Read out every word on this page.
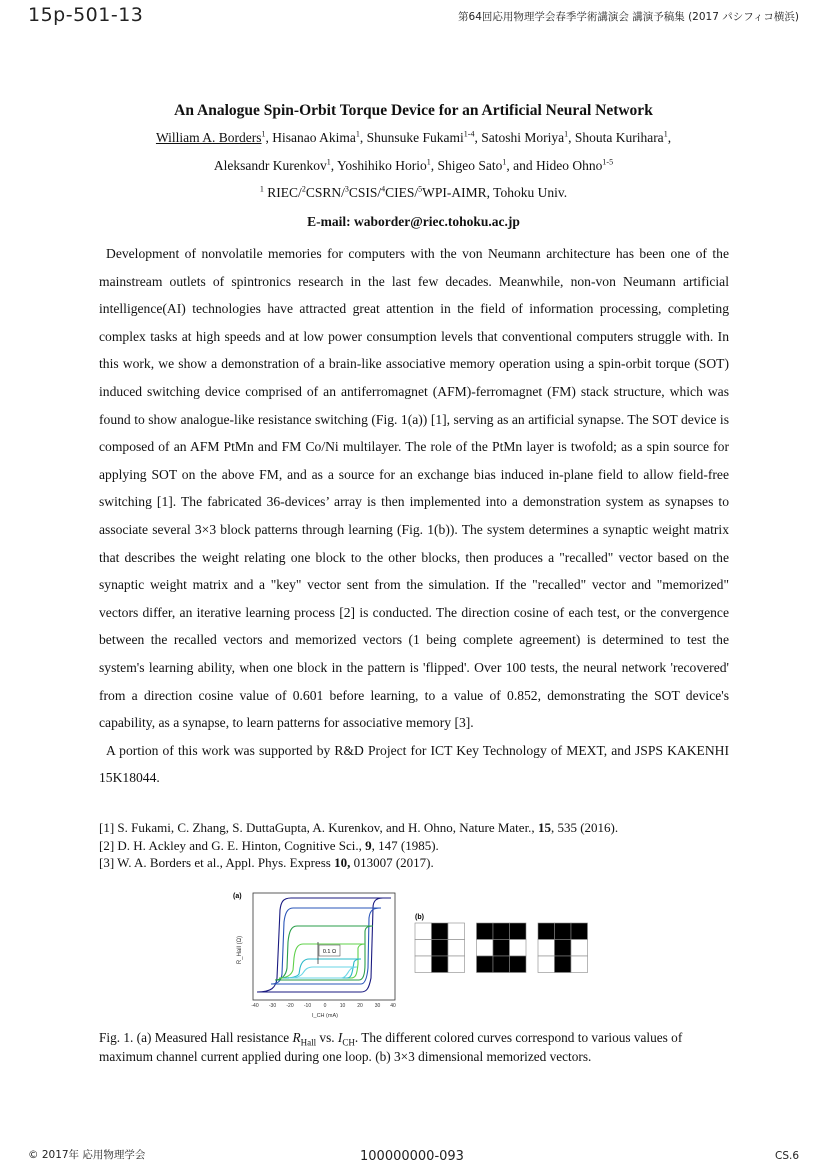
15p-501-13	第64回応用物理学会春季学術講演会 講演予稿集 (2017 パシフィコ横浜)
An Analogue Spin-Orbit Torque Device for an Artificial Neural Network
William A. Borders$^1$, Hisanao Akima$^1$, Shunsuke Fukami$^{1-4}$, Satoshi Moriya$^1$, Shouta Kurihara$^1$,
Aleksandr Kurenkov$^1$, Yoshihiko Horio$^1$, Shigeo Sato$^1$, and Hideo Ohno$^{1-5}$
$^1$ RIEC/$^2$CSRN/$^3$CSIS/$^4$CIES/$^5$WPI-AIMR, Tohoku Univ.
E-mail: waborder@riec.tohoku.ac.jp

Development of nonvolatile memories for computers with the von Neumann architecture has been one of the mainstream outlets of spintronics research in the last few decades. Meanwhile, non-von Neumann artificial intelligence(AI) technologies have attracted great attention in the field of information processing, completing complex tasks at high speeds and at low power consumption levels that conventional computers struggle with. In this work, we show a demonstration of a brain-like associative memory operation using a spin-orbit torque (SOT) induced switching device comprised of an antiferromagnet (AFM)-ferromagnet (FM) stack structure, which was found to show analogue-like resistance switching (Fig. 1(a)) [1], serving as an artificial synapse. The SOT device is composed of an AFM PtMn and FM Co/Ni multilayer. The role of the PtMn layer is twofold; as a spin source for applying SOT on the above FM, and as a source for an exchange bias induced in-plane field to allow field-free switching [1]. The fabricated 36-devices’ array is then implemented into a demonstration system as synapses to associate several 3×3 block patterns through learning (Fig. 1(b)). The system determines a synaptic weight matrix that describes the weight relating one block to the other blocks, then produces a "recalled" vector based on the synaptic weight matrix and a "key" vector sent from the simulation. If the "recalled" vector and "memorized" vectors differ, an iterative learning process [2] is conducted. The direction cosine of each test, or the convergence between the recalled vectors and memorized vectors (1 being complete agreement) is determined to test the system's learning ability, when one block in the pattern is 'flipped'. Over 100 tests, the neural network 'recovered' from a direction cosine value of 0.601 before learning, to a value of 0.852, demonstrating the SOT device's capability, as a synapse, to learn patterns for associative memory [3].

A portion of this work was supported by R&D Project for ICT Key Technology of MEXT, and JSPS KAKENHI 15K18044.

[1] S. Fukami, C. Zhang, S. DuttaGupta, A. Kurenkov, and H. Ohno, Nature Mater., 15, 535 (2016).
[2] D. H. Ackley and G. E. Hinton, Cognitive Sci., 9, 147 (1985).
[3] W. A. Borders et al., Appl. Phys. Express 10, 013007 (2017).
(a)
R_Hall (Ω)
-40 -30 -20 -10 0	10 20 30 40
I_CH (mA)
0.1 Ω
(b)
Fig. 1. (a) Measured Hall resistance $R_{Hall}$ vs. $I_{CH}$. The different colored curves correspond to various values of maximum channel current applied during one loop. (b) 3×3 dimensional memorized vectors.
© 2017年 応用物理学会	100000000-093	CS.6
